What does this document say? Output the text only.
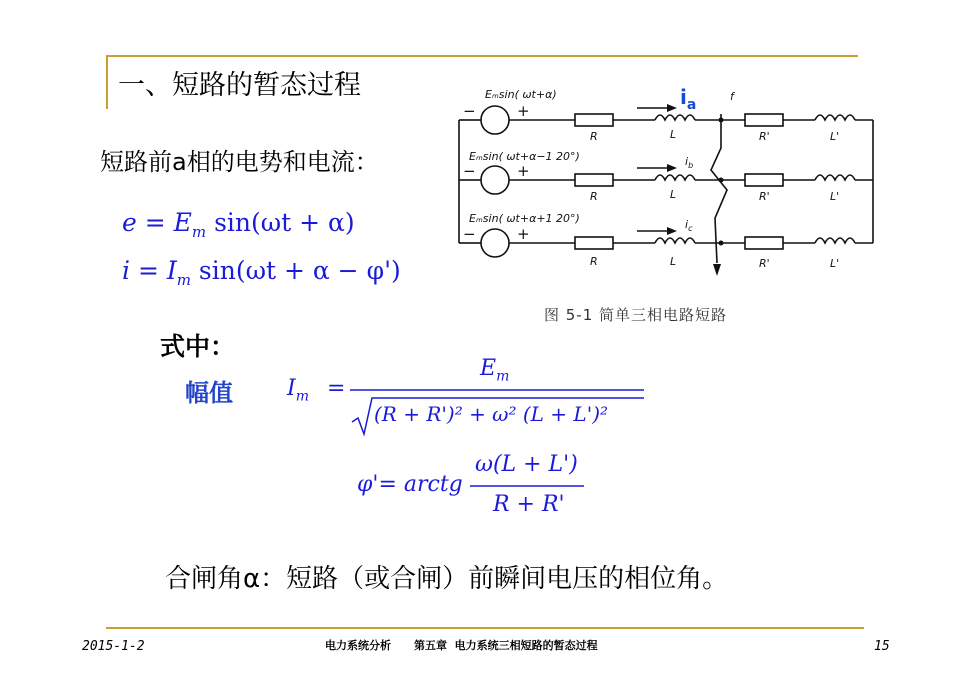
一、短路的暂态过程
短路前a相的电势和电流：
$e = E_m$ sin(ωt + α)
$i = I_m$ sin(ωt + α − φ')
Eₘsin( ωt+α)
Eₘsin( ωt+α−1 20°)
Eₘsin( ωt+α+1 20°)
+
+
+
−
−
−
R	L	R'	L'
R	L	R'	L'
R	L	R'	L'
f
$i_b$
$i_c$
$i_a$
图 5-1 简单三相电路短路
式中：
幅值 $I_m$ =
$E_m$
(R + R')² + ω² (L + L')²
φ'= arctg
ω(L + L')
R + R'
合闸角α：短路（或合闸）前瞬间电压的相位角。
2015-1-2	电力系统分析      第五章  电力系统三相短路的暂态过程	15
